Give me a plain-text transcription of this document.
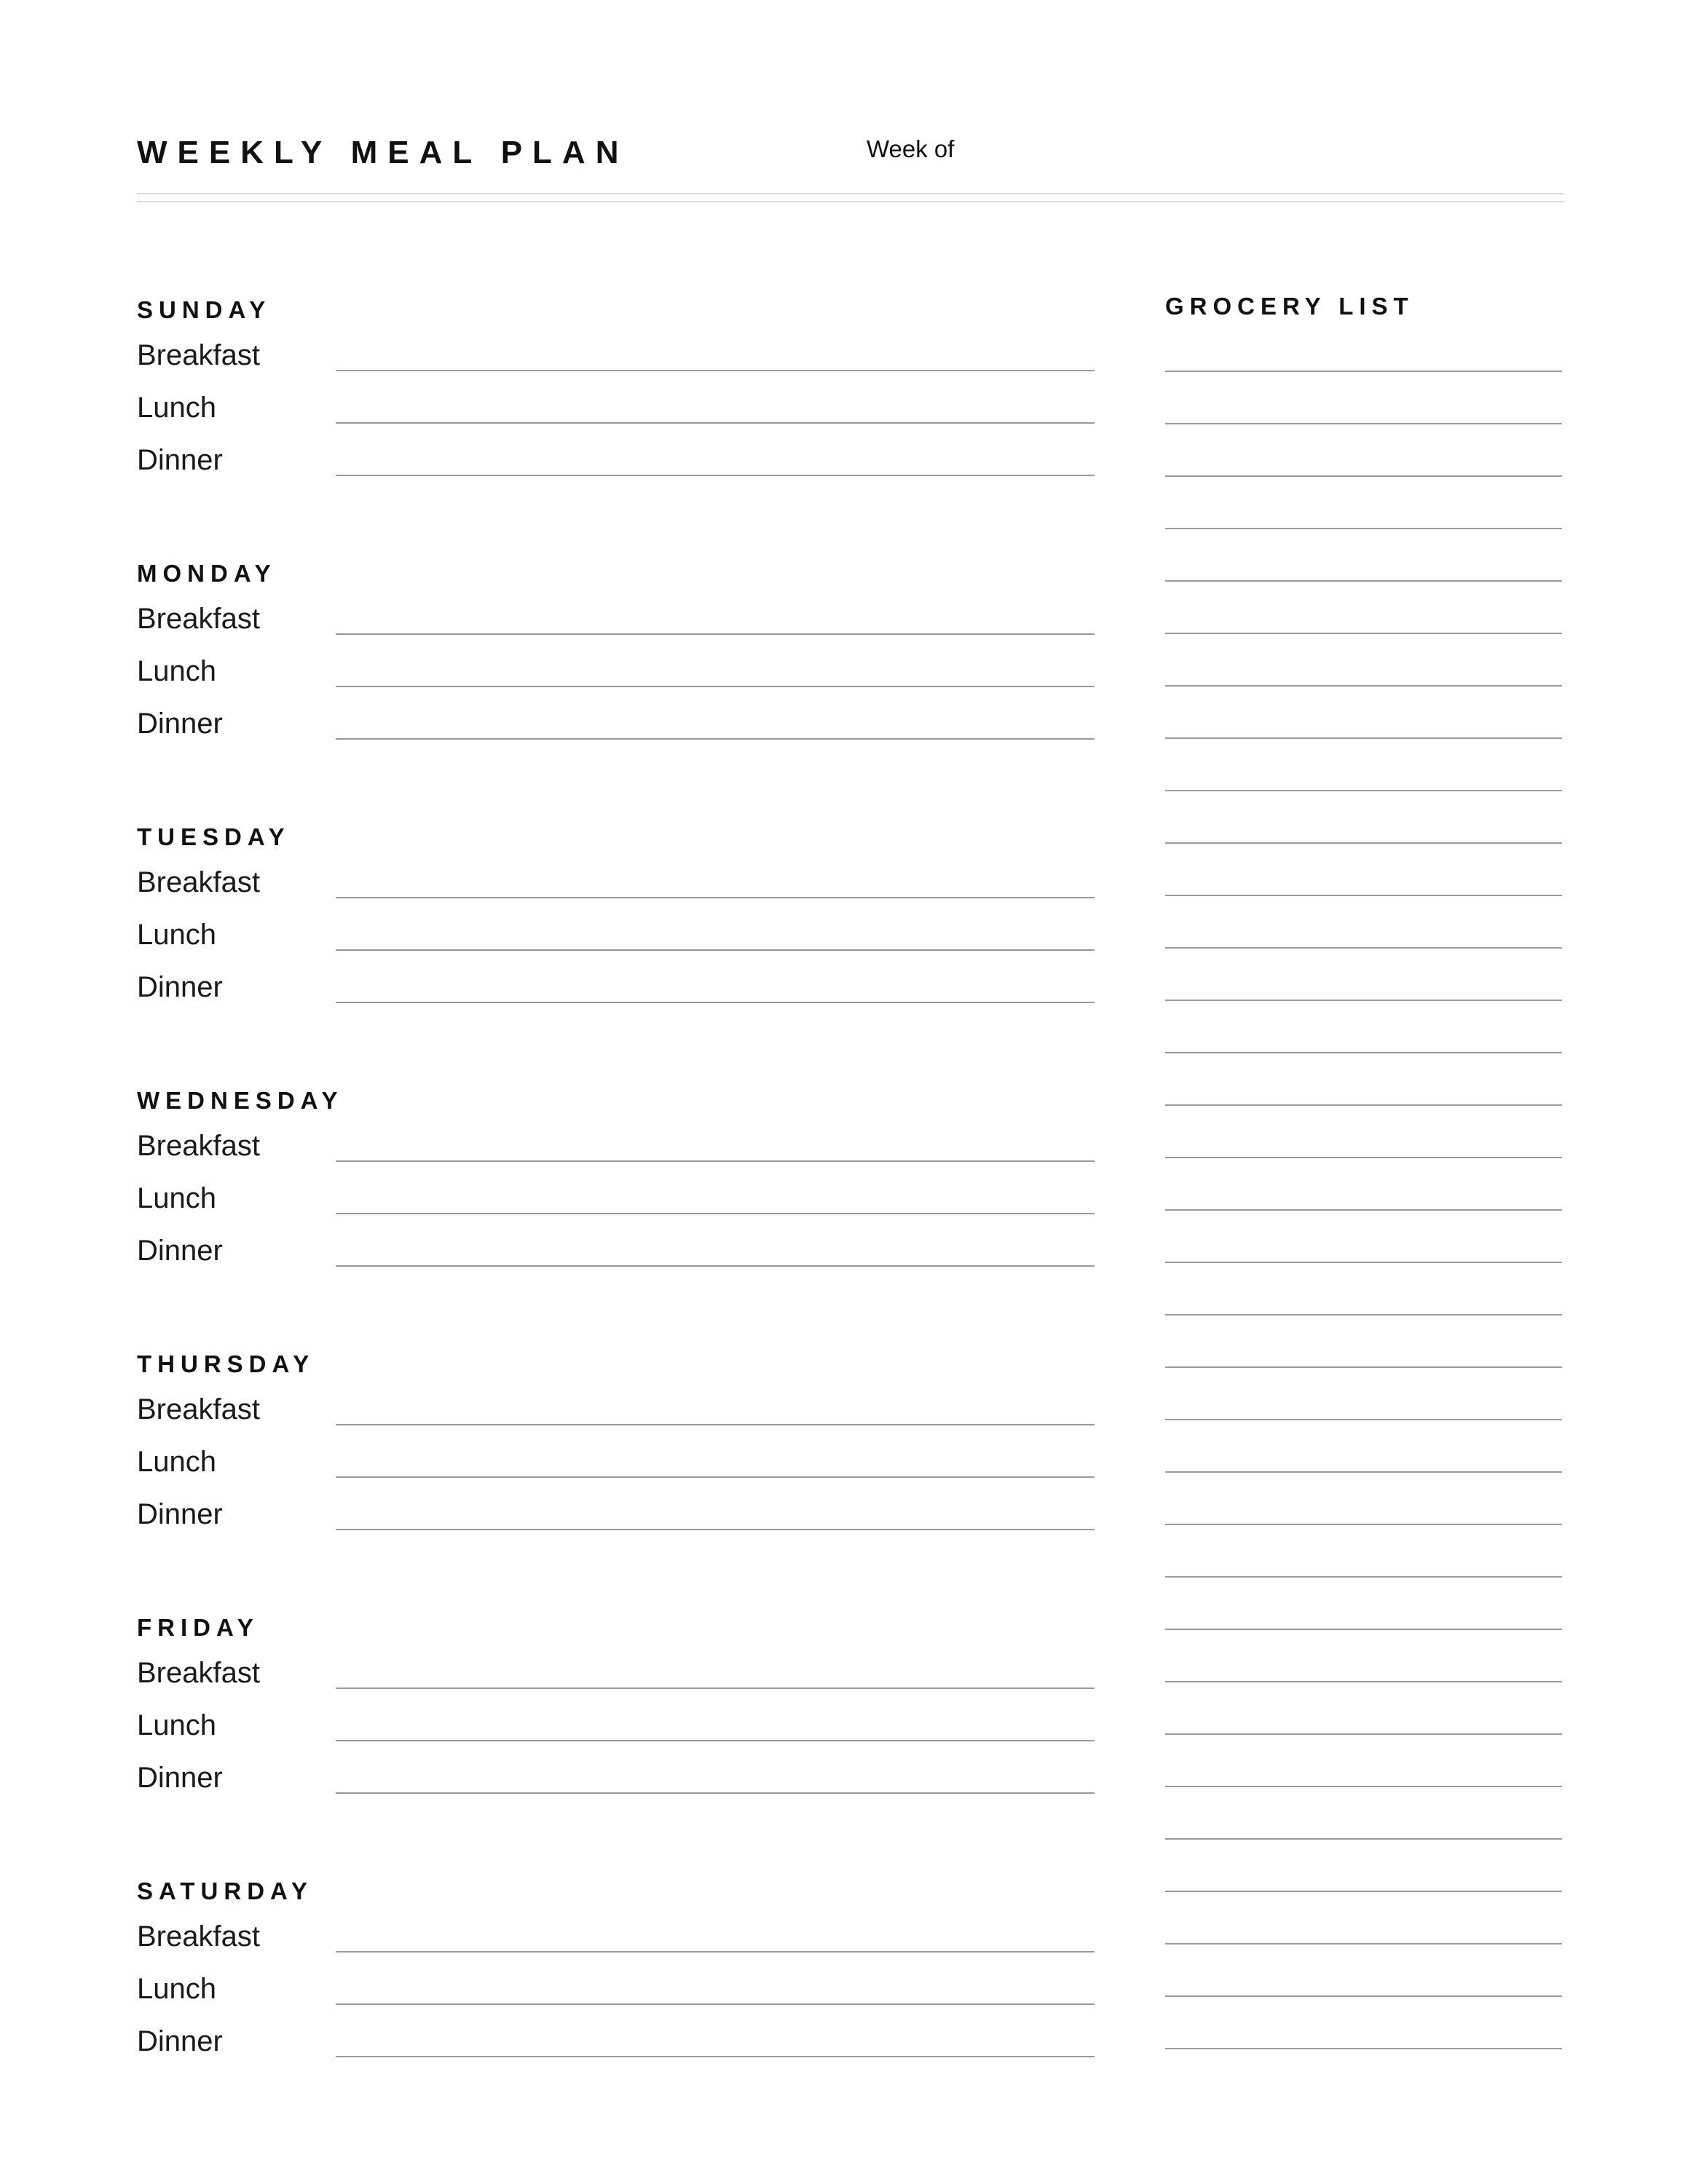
WEEKLY MEAL PLAN	Week of
SUNDAY
Breakfast
Lunch
Dinner
MONDAY
Breakfast
Lunch
Dinner
TUESDAY
Breakfast
Lunch
Dinner
WEDNESDAY
Breakfast
Lunch
Dinner
THURSDAY
Breakfast
Lunch
Dinner
FRIDAY
Breakfast
Lunch
Dinner
SATURDAY
Breakfast
Lunch
Dinner
GROCERY LIST
